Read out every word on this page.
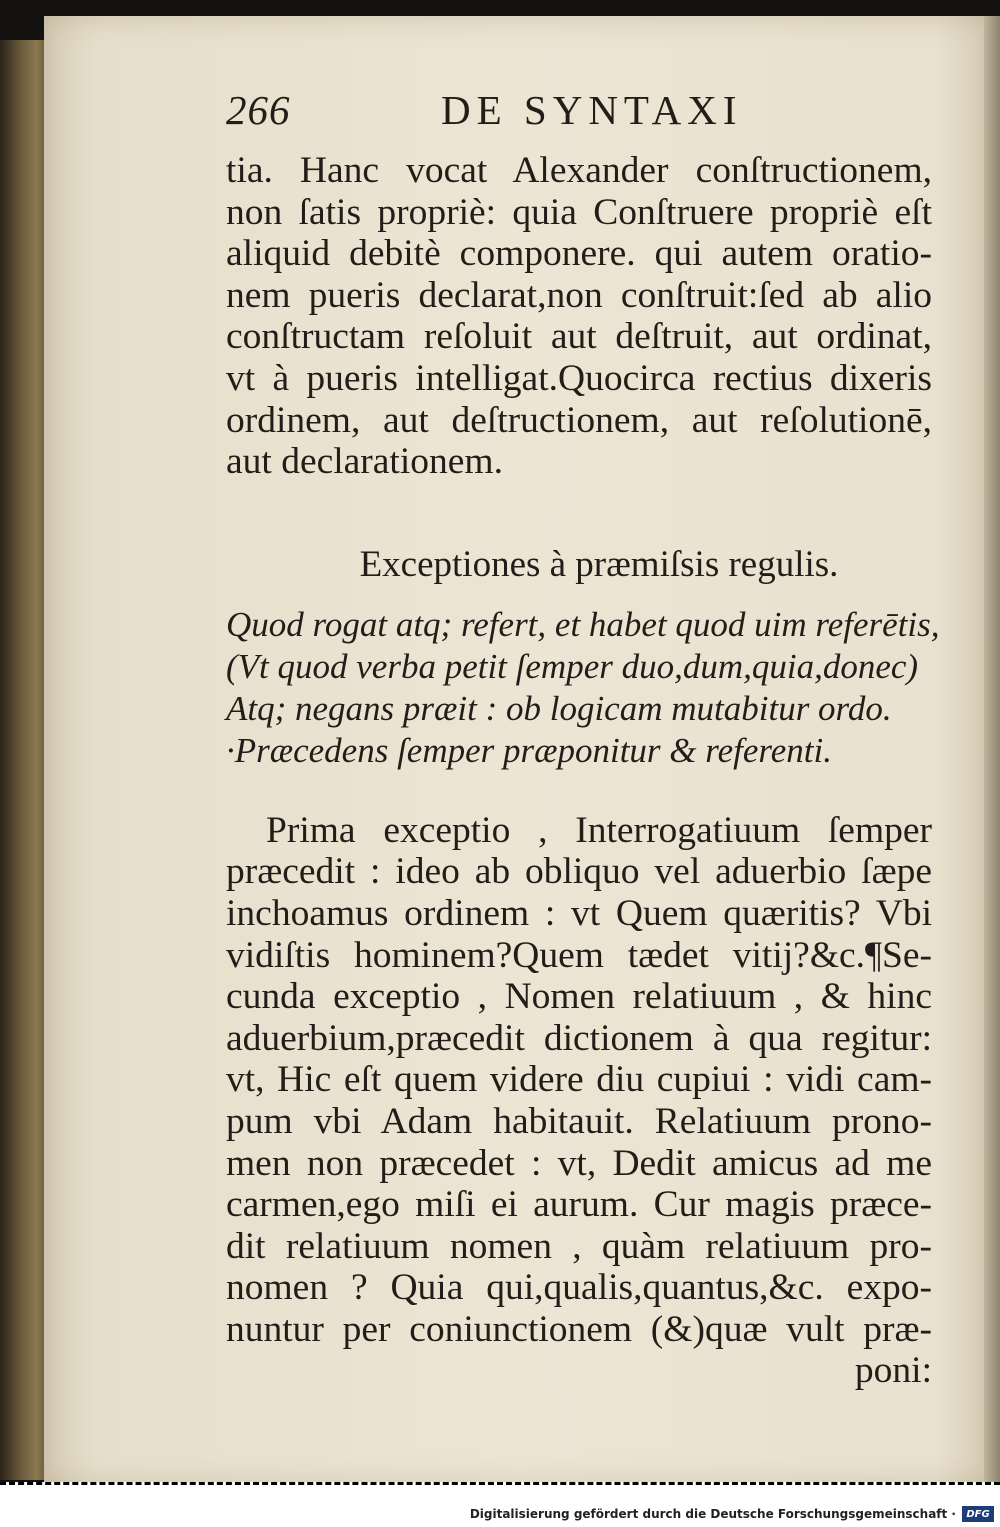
266	DE SYNTAXI

tia. Hanc vocat Alexander conſtructionem,
non ſatis propriè: quia Conſtruere propriè eſt
aliquid debitè componere. qui autem oratio-
nem pueris declarat,non conſtruit:ſed ab alio
conſtructam reſoluit aut deſtruit, aut ordinat,
vt à pueris intelligat.Quocirca rectius dixeris
ordinem, aut deſtructionem, aut reſolutionē,
aut declarationem.

Exceptiones à præmiſsis regulis.

Quod rogat atq; refert, et habet quod uim referētis,
(Vt quod verba petit ſemper duo,dum,quia,donec)
Atq; negans præit : ob logicam mutabitur ordo.
·Præcedens ſemper præponitur & referenti.

Prima exceptio , Interrogatiuum ſemper
præcedit : ideo ab obliquo vel aduerbio ſæpe
inchoamus ordinem : vt Quem quæritis? Vbi
vidiſtis hominem?Quem tædet vitij?&c.¶Se-
cunda exceptio , Nomen relatiuum , & hinc
aduerbium,præcedit dictionem à qua regitur:
vt, Hic eſt quem videre diu cupiui : vidi cam-
pum vbi Adam habitauit. Relatiuum prono-
men non præcedet : vt, Dedit amicus ad me
carmen,ego miſi ei aurum. Cur magis præce-
dit relatiuum nomen , quàm relatiuum pro-
nomen ? Quia qui,qualis,quantus,&c. expo-
nuntur per coniunctionem (&)quæ vult præ-
poni:

Digitalisierung gefördert durch die Deutsche Forschungsgemeinschaft ·	DFG
